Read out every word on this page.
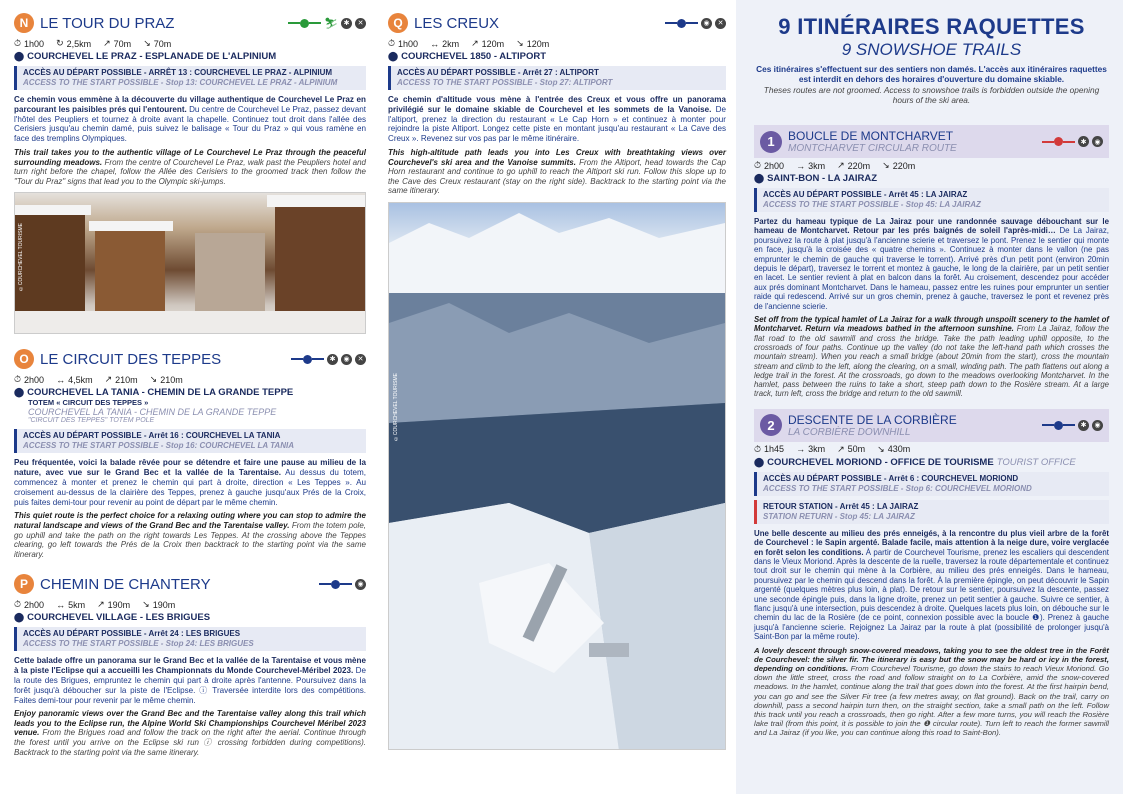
N LE TOUR DU PRAZ	⛷ ✱	✕
⏱ 1h00 ↻ 2,5km ↗ 70m ↘ 70m
⬤ COURCHEVEL LE PRAZ - ESPLANADE DE L'ALPINIUM
ACCÈS AU DÉPART POSSIBLE - ARRÊT 13 : COURCHEVEL LE PRAZ - ALPINIUM
ACCESS TO THE START POSSIBLE - Stop 13: COURCHEVEL LE PRAZ - ALPINIUM

Ce chemin vous emmène à la découverte du village authentique de Courchevel Le Praz en parcourant les paisibles prés qui l'entourent. Du centre de Courchevel Le Praz, passez devant l'hôtel des Peupliers et tournez à droite avant la chapelle. Continuez tout droit dans l'allée des Cerisiers jusqu'au chemin damé, puis suivez le balisage « Tour du Praz » qui vous ramène en face des tremplins Olympiques.

This trail takes you to the authentic village of Le Courchevel Le Praz through the peaceful surrounding meadows. From the centre of Courchevel Le Praz, walk past the Peupliers hotel and turn right before the chapel, follow the Allée des Cerisiers to the groomed track then follow the "Tour du Praz" signs that lead you to the Olympic ski-jumps.

©COURCHEVEL TOURISME
O LE CIRCUIT DES TEPPES	✱	◉	✕
⏱ 2h00 ↔ 4,5km ↗ 210m ↘ 210m
⬤ COURCHEVEL LA TANIA - CHEMIN DE LA GRANDE TEPPE
TOTEM « CIRCUIT DES TEPPES »
COURCHEVEL LA TANIA - CHEMIN DE LA GRANDE TEPPE
"CIRCUIT DES TEPPES" TOTEM POLE
ACCÈS AU DÉPART POSSIBLE - Arrêt 16 : COURCHEVEL LA TANIA
ACCESS TO THE START POSSIBLE - Stop 16: COURCHEVEL LA TANIA

Peu fréquentée, voici la balade rêvée pour se détendre et faire une pause au milieu de la nature, avec vue sur le Grand Bec et la vallée de la Tarentaise. Au dessus du totem, commencez à monter et prenez le chemin qui part à droite, direction « Les Teppes ». Au croisement au-dessus de la clairière des Teppes, prenez à gauche jusqu'aux Prés de la Croix, puis faites demi-tour pour revenir au point de départ par le même chemin.

This quiet route is the perfect choice for a relaxing outing where you can stop to admire the natural landscape and views of the Grand Bec and the Tarentaise valley. From the totem pole, go uphill and take the path on the right towards Les Teppes. At the crossing above the Teppes clearing, go left towards the Prés de la Croix then backtrack to the starting point via the same itinerary.

P CHEMIN DE CHANTERY	◉
⏱ 2h00 ↔ 5km ↗ 190m ↘ 190m
⬤ COURCHEVEL VILLAGE - LES BRIGUES
ACCÈS AU DÉPART POSSIBLE - Arrêt 24 : LES BRIGUES
ACCESS TO THE START POSSIBLE - Stop 24: LES BRIGUES

Cette balade offre un panorama sur le Grand Bec et la vallée de la Tarentaise et vous mène à la piste l'Eclipse qui a accueilli les Championnats du Monde Courchevel-Méribel 2023. De la route des Brigues, empruntez le chemin qui part à droite après l'antenne. Poursuivez dans la forêt jusqu'à déboucher sur la piste de l'Eclipse. ⓘ Traversée interdite lors des compétitions. Faites demi-tour pour revenir par le même chemin.

Enjoy panoramic views over the Grand Bec and the Tarentaise valley along this trail which leads you to the Eclipse run, the Alpine World Ski Championships Courchevel Méribel 2023 venue. From the Brigues road and follow the track on the right after the aerial. Continue through the forest until you arrive on the Eclipse ski run ⓘ crossing forbidden during competitions). Backtrack to the starting point via the same itinerary.

Q LES CREUX	◉	✕
⏱ 1h00 ↔ 2km ↗ 120m ↘ 120m
⬤ COURCHEVEL 1850 - ALTIPORT
ACCÈS AU DÉPART POSSIBLE - Arrêt 27 : ALTIPORT
ACCESS TO THE START POSSIBLE - Stop 27: ALTIPORT

Ce chemin d'altitude vous mène à l'entrée des Creux et vous offre un panorama privilégié sur le domaine skiable de Courchevel et les sommets de la Vanoise. De l'altiport, prenez la direction du restaurant « Le Cap Horn » et continuez à monter pour rejoindre la piste Altiport. Longez cette piste en montant jusqu'au restaurant « La Cave des Creux ». Revenez sur vos pas par le même itinéraire.

This high-altitude path leads you into Les Creux with breathtaking views over Courchevel's ski area and the Vanoise summits. From the Altiport, head towards the Cap Horn restaurant and continue to go uphill to reach the Altiport ski run. Follow this slope up to the Cave des Creux restaurant (stay on the right side). Backtrack to the starting point via the same itinerary.

©COURCHEVEL TOURISME
9 ITINÉRAIRES RAQUETTES
9 SNOWSHOE TRAILS

Ces itinéraires s'effectuent sur des sentiers non damés. L'accès aux itinéraires raquettes est interdit en dehors des horaires d'ouverture du domaine skiable.

Theses routes are not groomed. Access to snowshoe trails is forbidden outside the opening hours of the ski area.

1	BOUCLE DE MONTCHARVET
MONTCHARVET CIRCULAR ROUTE
✱	◉
⏱ 2h00 → 3km ↗ 220m ↘ 220m
⬤ SAINT-BON - LA JAIRAZ
ACCÈS AU DÉPART POSSIBLE - Arrêt 45 : LA JAIRAZ
ACCESS TO THE START POSSIBLE - Stop 45: LA JAIRAZ

Partez du hameau typique de La Jairaz pour une randonnée sauvage débouchant sur le hameau de Montcharvet. Retour par les prés baignés de soleil l'après-midi… De La Jairaz, poursuivez la route à plat jusqu'à l'ancienne scierie et traversez le pont. Prenez le sentier qui monte en face, jusqu'à la croisée des « quatre chemins ». Continuez à monter dans le vallon (ne pas emprunter le chemin de gauche qui traverse le torrent). Arrivé près d'un petit pont (environ 20min depuis le départ), traversez le torrent et montez à gauche, le long de la clairière, par un petit sentier en lacet. Le sentier revient à plat en balcon dans la forêt. Au croisement, descendez pour accéder aux prés dominant Montcharvet. Dans le hameau, passez entre les ruines pour emprunter un sentier raide qui redescend. Arrivé sur un gros chemin, prenez à gauche, traversez le pont et revenez près de l'ancienne scierie.

Set off from the typical hamlet of La Jairaz for a walk through unspoilt scenery to the hamlet of Montcharvet. Return via meadows bathed in the afternoon sunshine. From La Jairaz, follow the flat road to the old sawmill and cross the bridge. Take the path leading uphill opposite, to the crossroads of four paths. Continue up the valley (do not take the left-hand path which crosses the mountain stream). When you reach a small bridge (about 20min from the start), cross the mountain stream and climb to the left, along the clearing, on a small, winding path. The path flattens out along a ledge trail in the forest. At the crossroads, go down to the meadows overlooking Montcharvet. In the hamlet, pass between the ruins to take a short, steep path down to the Rosière stream. At a large track, turn left, cross the bridge and return to the old sawmill.

2	DESCENTE DE LA CORBIÈRE
LA CORBIÈRE DOWNHILL
✱	◉
⏱ 1h45 → 3km ↗ 50m ↘ 430m
⬤ COURCHEVEL MORIOND - OFFICE DE TOURISME TOURIST OFFICE
ACCÈS AU DÉPART POSSIBLE - Arrêt 6 : COURCHEVEL MORIOND
ACCESS TO THE START POSSIBLE - Stop 6: COURCHEVEL MORIOND
RETOUR STATION - Arrêt 45 : LA JAIRAZ
STATION RETURN - Stop 45: LA JAIRAZ

Une belle descente au milieu des prés enneigés, à la rencontre du plus vieil arbre de la forêt de Courchevel : le Sapin argenté. Balade facile, mais attention à la neige dure, voire verglacée en forêt selon les conditions. À partir de Courchevel Tourisme, prenez les escaliers qui descendent dans le Vieux Moriond. Après la descente de la ruelle, traversez la route départementale et continuez tout droit sur le chemin qui mène à la Corbière, au milieu des prés enneigés. Dans le hameau, poursuivez par le chemin qui descend dans la forêt. À la première épingle, on peut découvrir le Sapin argenté (quelques mètres plus loin, à plat). De retour sur le sentier, poursuivez la descente, passez une seconde épingle puis, dans la ligne droite, prenez un petit sentier à gauche. Suivre ce sentier, à flanc jusqu'à une intersection, puis descendez à droite. Quelques lacets plus loin, on débouche sur le chemin du lac de la Rosière (de ce point, connexion possible avec la boucle ❶). Prenez à gauche jusqu'à l'ancienne scierie. Rejoignez La Jairaz par la route à plat (possibilité de prolonger jusqu'à Saint-Bon par la même route).

A lovely descent through snow-covered meadows, taking you to see the oldest tree in the Forêt de Courchevel: the silver fir. The itinerary is easy but the snow may be hard or icy in the forest, depending on conditions. From Courchevel Tourisme, go down the stairs to reach Vieux Moriond. Go down the little street, cross the road and follow straight on to La Corbière, amid the snow-covered meadows. In the hamlet, continue along the trail that goes down into the forest. At the first hairpin bend, you can go and see the Silver Fir tree (a few metres away, on flat ground). Back on the trail, carry on downhill, pass a second hairpin turn then, on the straight section, take a small path on the left. Follow this track until you reach a crossroads, then go right. After a few more turns, you will reach the Rosière lake trail (from this point, it is possible to join the ❶ circular route). Turn left to reach the former sawmill and La Jairaz (if you like, you can continue along this road to Saint-Bon).
